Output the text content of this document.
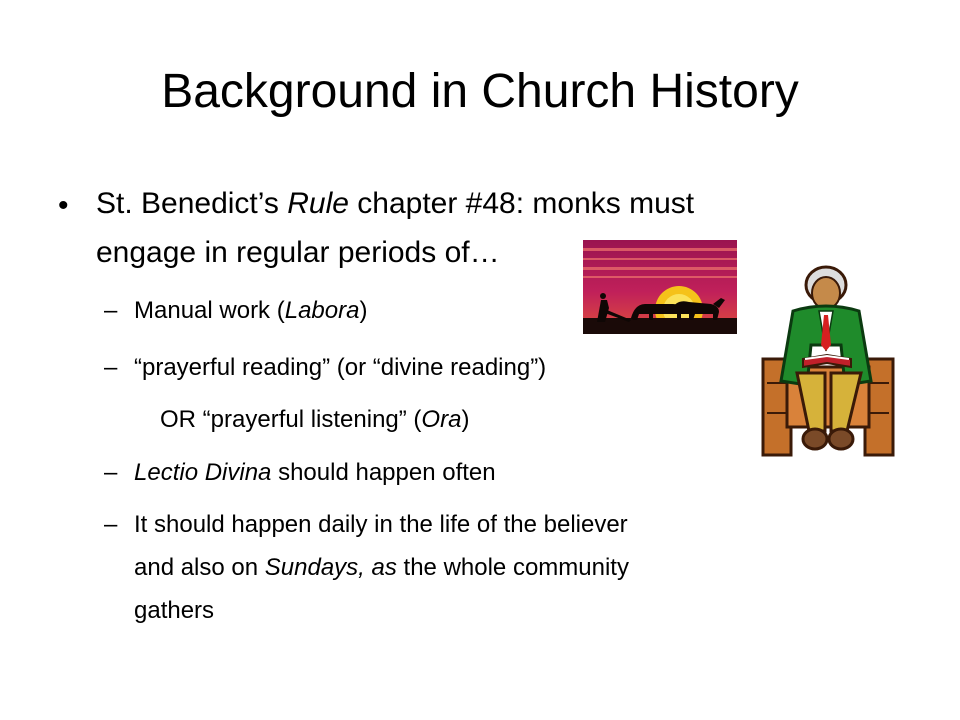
Background in Church History
• St. Benedict’s Rule chapter #48: monks must
engage in regular periods of…
– Manual work (Labora)
– “prayerful reading” (or “divine reading”)
OR “prayerful listening” (Ora)
– Lectio Divina should happen often
– It should happen daily in the life of the believer
and also on Sundays, as the whole community
gathers
